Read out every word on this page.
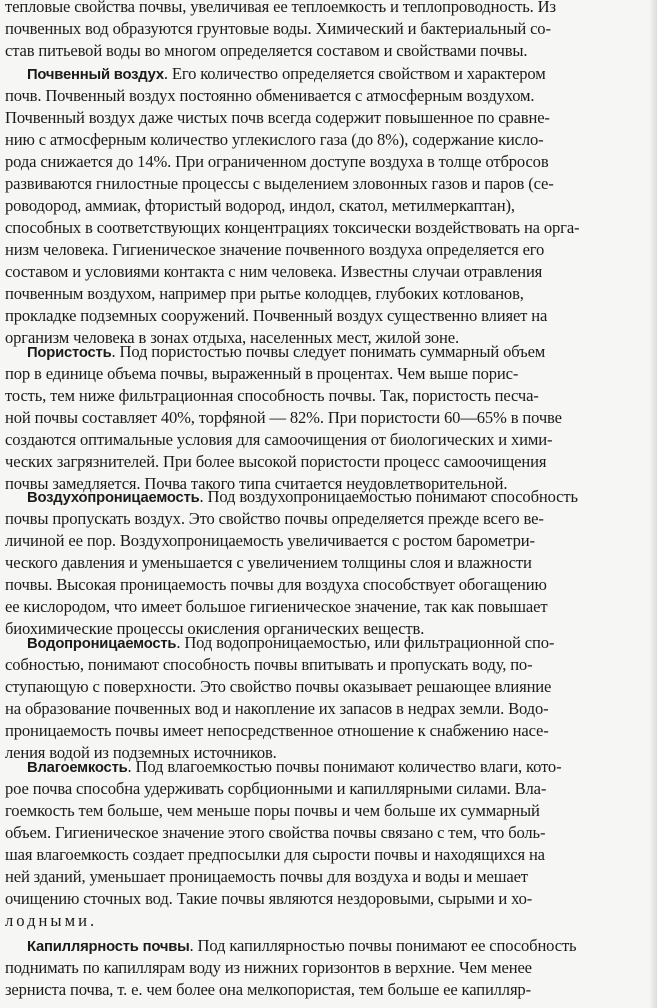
тепловые свойства почвы, увеличивая ее теплоемкость и теплопроводность. Из
почвенных вод образуются грунтовые воды. Химический и бактериальный со-
став питьевой воды во многом определяется составом и свойствами почвы.
Почвенный воздух. Его количество определяется свойством и характером
почв. Почвенный воздух постоянно обменивается с атмосферным воздухом.
Почвенный воздух даже чистых почв всегда содержит повышенное по сравне-
нию с атмосферным количество углекислого газа (до 8%), содержание кисло-
рода снижается до 14%. При ограниченном доступе воздуха в толще отбросов
развиваются гнилостные процессы с выделением зловонных газов и паров (се-
роводород, аммиак, фтористый водород, индол, скатол, метилмеркаптан),
способных в соответствующих концентрациях токсически воздействовать на орга-
низм человека. Гигиеническое значение почвенного воздуха определяется его
составом и условиями контакта с ним человека. Известны случаи отравления
почвенным воздухом, например при рытье колодцев, глубоких котлованов,
прокладке подземных сооружений. Почвенный воздух существенно влияет на
организм человека в зонах отдыха, населенных мест, жилой зоне.
Пористость. Под пористостью почвы следует понимать суммарный объем
пор в единице объема почвы, выраженный в процентах. Чем выше порис-
тость, тем ниже фильтрационная способность почвы. Так, пористость песча-
ной почвы составляет 40%, торфяной — 82%. При пористости 60—65% в почве
создаются оптимальные условия для самоочищения от биологических и хими-
ческих загрязнителей. При более высокой пористости процесс самоочищения
почвы замедляется. Почва такого типа считается неудовлетворительной.
Воздухопроницаемость. Под воздухопроницаемостью понимают способность
почвы пропускать воздух. Это свойство почвы определяется прежде всего ве-
личиной ее пор. Воздухопроницаемость увеличивается с ростом барометри-
ческого давления и уменьшается с увеличением толщины слоя и влажности
почвы. Высокая проницаемость почвы для воздуха способствует обогащению
ее кислородом, что имеет большое гигиеническое значение, так как повышает
биохимические процессы окисления органических веществ.
Водопроницаемость. Под водопроницаемостью, или фильтрационной спо-
собностью, понимают способность почвы впитывать и пропускать воду, по-
ступающую с поверхности. Это свойство почвы оказывает решающее влияние
на образование почвенных вод и накопление их запасов в недрах земли. Водо-
проницаемость почвы имеет непосредственное отношение к снабжению насе-
ления водой из подземных источников.
Влагоемкость. Под влагоемкостью почвы понимают количество влаги, кото-
рое почва способна удерживать сорбционными и капиллярными силами. Вла-
гоемкость тем больше, чем меньше поры почвы и чем больше их суммарный
объем. Гигиеническое значение этого свойства почвы связано с тем, что боль-
шая влагоемкость создает предпосылки для сырости почвы и находящихся на
ней зданий, уменьшает проницаемость почвы для воздуха и воды и мешает
очищению сточных вод. Такие почвы являются нездоровыми, сырыми и хо-
лодными.
Капиллярность почвы. Под капиллярностью почвы понимают ее способность
поднимать по капиллярам воду из нижних горизонтов в верхние. Чем менее
зерниста почва, т. е. чем более она мелкопористая, тем больше ее капилляр-
